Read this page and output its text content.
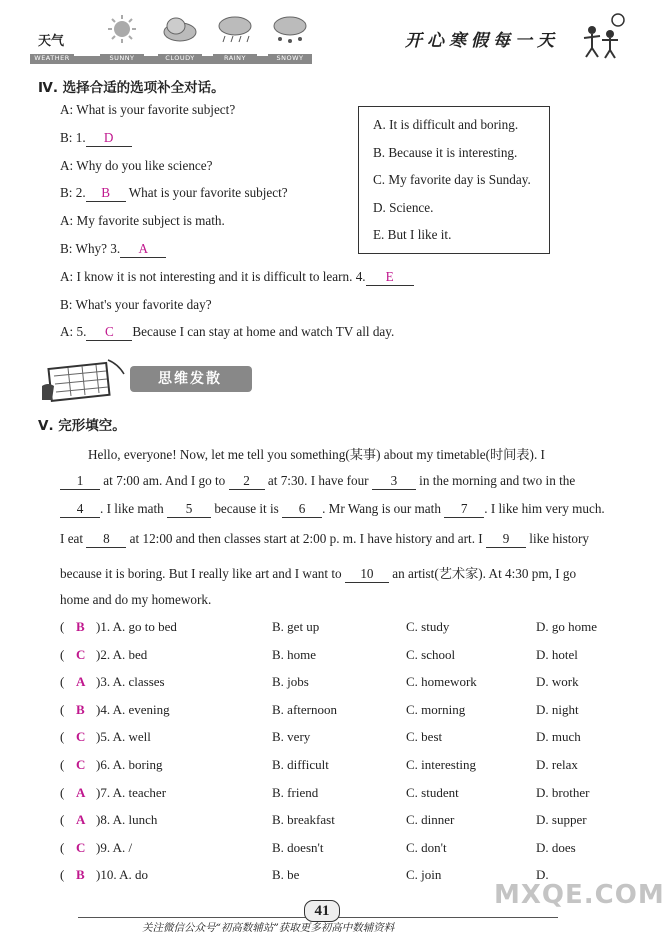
天气
WEATHER	SUNNY	CLOUDY	RAINY	SNOWY
开心寒假每一天
Ⅳ. 选择合适的选项补全对话。
A: What is your favorite subject?
B: 1. D
A: Why do you like science?
B: 2. B What is your favorite subject?
A: My favorite subject is math.
B: Why? 3. A
A: I know it is not interesting and it is difficult to learn. 4. E
B: What's your favorite day?
A: 5. C Because I can stay at home and watch TV all day.
A. It is difficult and boring.
B. Because it is interesting.
C. My favorite day is Sunday.
D. Science.
E. But I like it.
思维发散
Ⅴ. 完形填空。
Hello, everyone! Now, let me tell you something(某事) about my timetable(时间表). I
1 at 7:00 am. And I go to 2 at 7:30. I have four 3 in the morning and two in the
4 . I like math 5 because it is 6 . Mr Wang is our math 7 . I like him very much.
I eat 8 at 12:00 and then classes start at 2:00 p. m. I have history and art. I 9 like history
because it is boring. But I really like art and I want to 10 an artist(艺术家). At 4:30 pm, I go
home and do my homework.
( B )1. A. go to bed	B. get up	C. study	D. go home
( C )2. A. bed	B. home	C. school	D. hotel
( A )3. A. classes	B. jobs	C. homework	D. work
( B )4. A. evening	B. afternoon	C. morning	D. night
( C )5. A. well	B. very	C. best	D. much
( C )6. A. boring	B. difficult	C. interesting	D. relax
( A )7. A. teacher	B. friend	C. student	D. brother
( A )8. A. lunch	B. breakfast	C. dinner	D. supper
( C )9. A. /	B. doesn't	C. don't	D. does
( B )10. A. do	B. be	C. join	D.
41
关注微信公众号“初高数辅站”获取更多初高中数辅资料
MXQE.COM
